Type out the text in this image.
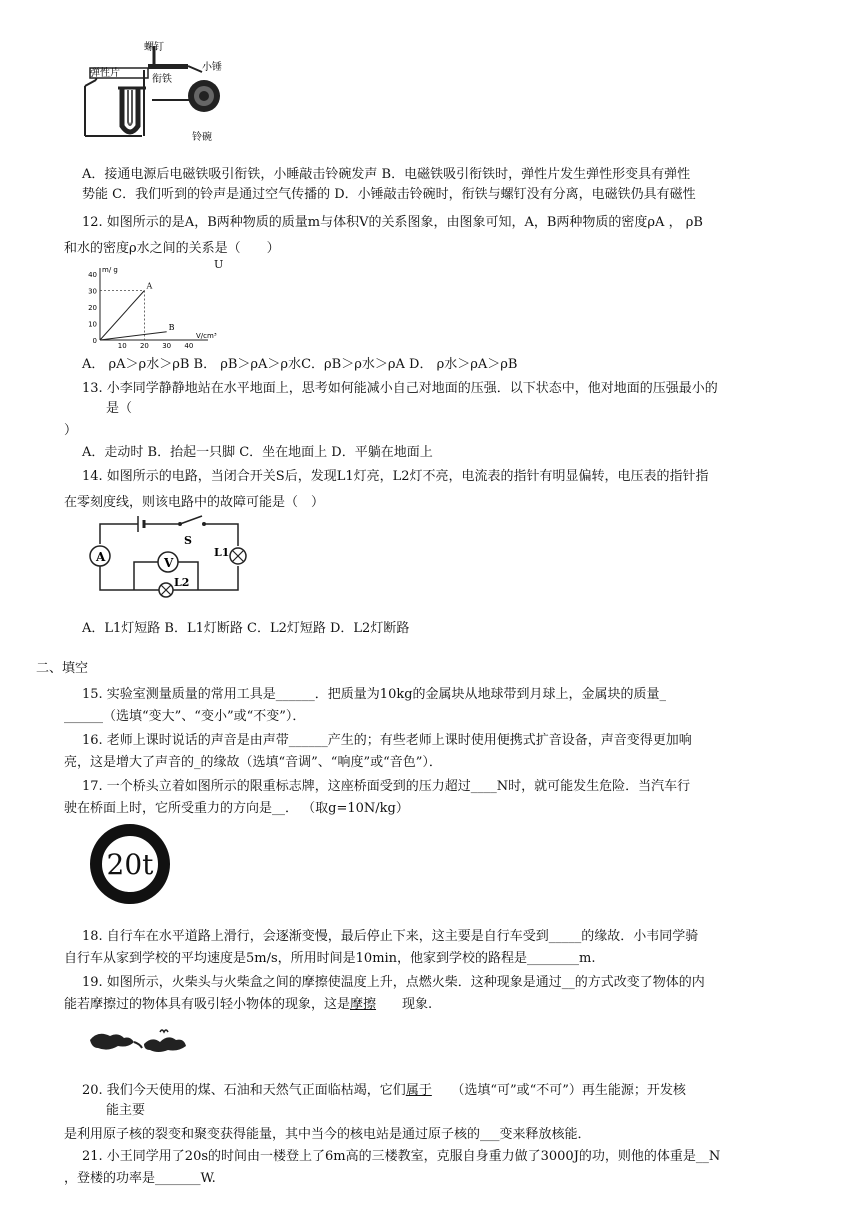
螺钉
弹性片
衔铁
小锤
铃碗
A．接通电源后电磁铁吸引衔铁，小睡敲击铃碗发声 B．电磁铁吸引衔铁时，弹性片发生弹性形变具有弹性
势能 C．我们听到的铃声是通过空气传播的 D．小锤敲击铃碗时，衔铁与螺钉没有分离，电磁铁仍具有磁性
12. 如图所示的是A，B两种物质的质量m与体积V的关系图象，由图象可知，A，B两种物质的密度ρA ， ρB
和水的密度ρ水之间的关系是（　　）
U
m/ g
V/cm³
40
30
20
10
0
10 20 30 40
A
B
A． ρA＞ρ水＞ρB B． ρB＞ρA＞ρ水C．ρB＞ρ水＞ρA D． ρ水＞ρA＞ρB
13. 小李同学静静地站在水平地面上，思考如何能减小自己对地面的压强．以下状态中，他对地面的压强最小的
是（
）
A．走动时 B．抬起一只脚 C．坐在地面上 D．平躺在地面上
14. 如图所示的电路，当闭合开关S后，发现L1灯亮，L2灯不亮，电流表的指针有明显偏转，电压表的指针指
在零刻度线，则该电路中的故障可能是（　）
A	L1
V
L2
S
A．L1灯短路 B．L1灯断路 C．L2灯短路 D．L2灯断路
二、填空
15. 实验室测量质量的常用工具是______．把质量为10kg的金属块从地球带到月球上，金属块的质量_
______（选填“变大”、“变小”或“不变”）．
16. 老师上课时说话的声音是由声带______产生的；有些老师上课时使用便携式扩音设备，声音变得更加响
亮，这是增大了声音的_的缘故（选填“音调”、“响度”或“音色”）．
17. 一个桥头立着如图所示的限重标志牌，这座桥面受到的压力超过____N时，就可能发生危险．当汽车行
驶在桥面上时，它所受重力的方向是__． （取g=10N/kg）
20t
18. 自行车在水平道路上滑行，会逐渐变慢，最后停止下来，这主要是自行车受到_____的缘故．小韦同学骑
自行车从家到学校的平均速度是5m/s，所用时间是10min，他家到学校的路程是________m.
19. 如图所示，火柴头与火柴盒之间的摩擦使温度上升，点燃火柴．这种现象是通过__的方式改变了物体的内
能若摩擦过的物体具有吸引轻小物体的现象，这是摩擦　　现象.
20. 我们今天使用的煤、石油和天然气正面临枯竭，它们属于　　（选填“可”或“不可”）再生能源；开发核
能主要
是利用原子核的裂变和聚变获得能量，其中当今的核电站是通过原子核的___变来释放核能．
21. 小王同学用了20s的时间由一楼登上了6m高的三楼教室，克服自身重力做了3000J的功，则他的体重是__N
，登楼的功率是_______W.
